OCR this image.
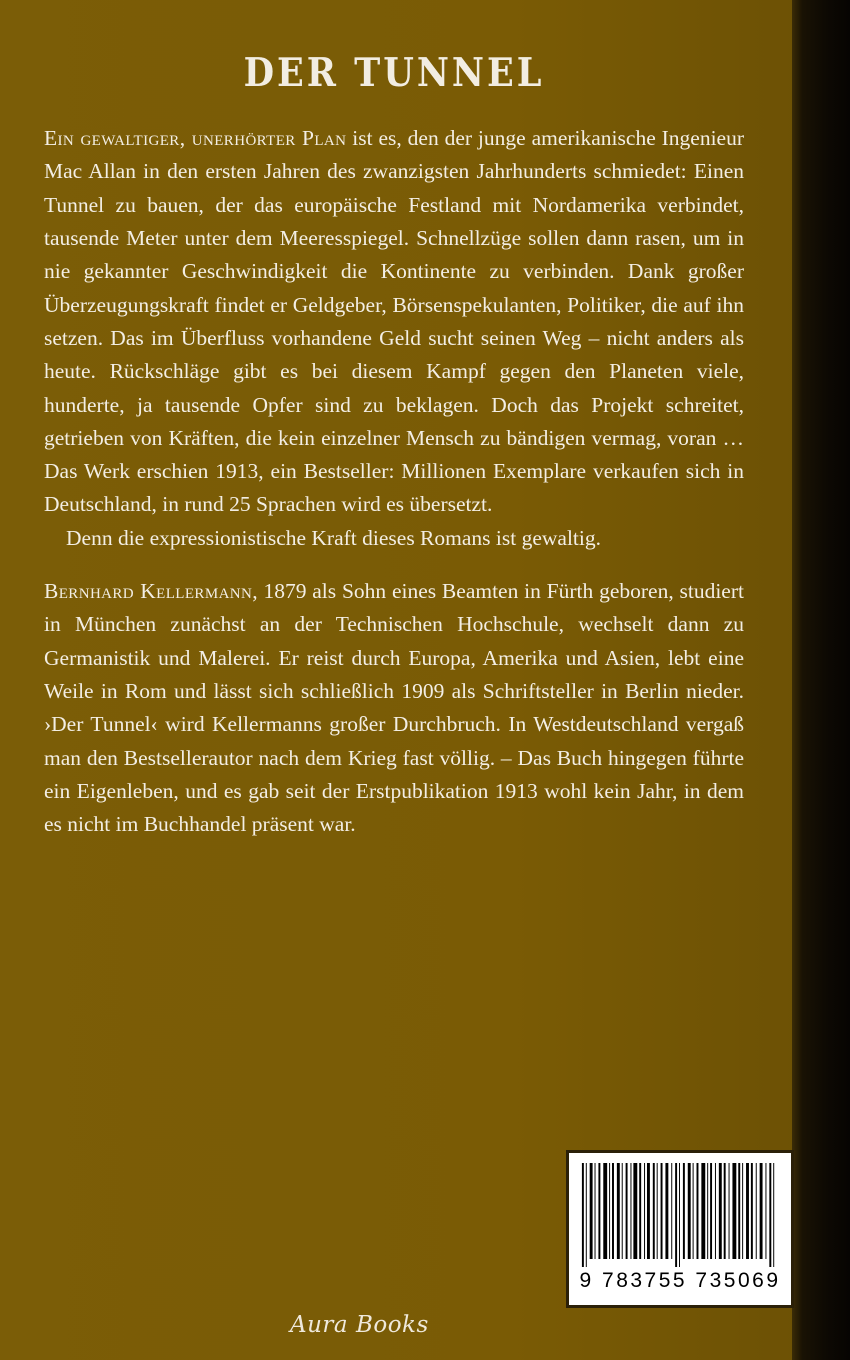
DER TUNNEL

Ein gewaltiger, unerhörter Plan ist es, den der junge amerikanische Ingenieur Mac Allan in den ersten Jahren des zwanzigsten Jahrhunderts schmiedet: Einen Tunnel zu bauen, der das europäische Festland mit Nordamerika verbindet, tausende Meter unter dem Meeresspiegel. Schnellzüge sollen dann rasen, um in nie gekannter Geschwindigkeit die Kontinente zu verbinden. Dank großer Überzeugungskraft findet er Geldgeber, Börsenspekulanten, Politiker, die auf ihn setzen. Das im Überfluss vorhandene Geld sucht seinen Weg – nicht anders als heute. Rückschläge gibt es bei diesem Kampf gegen den Planeten viele, hunderte, ja tausende Opfer sind zu beklagen. Doch das Projekt schreitet, getrieben von Kräften, die kein einzelner Mensch zu bändigen vermag, voran … Das Werk erschien 1913, ein Bestseller: Millionen Exemplare verkaufen sich in Deutschland, in rund 25 Sprachen wird es übersetzt.

Denn die expressionistische Kraft dieses Romans ist gewaltig.

Bernhard Kellermann, 1879 als Sohn eines Beamten in Fürth geboren, studiert in München zunächst an der Technischen Hochschule, wechselt dann zu Germanistik und Malerei. Er reist durch Europa, Amerika und Asien, lebt eine Weile in Rom und lässt sich schließlich 1909 als Schriftsteller in Berlin nieder. ›Der Tunnel‹ wird Kellermanns großer Durchbruch. In Westdeutschland vergaß man den Bestsellerautor nach dem Krieg fast völlig. – Das Buch hingegen führte ein Eigenleben, und es gab seit der Erstpublikation 1913 wohl kein Jahr, in dem es nicht im Buchhandel präsent war.

9 783755 735069
Aura Books
